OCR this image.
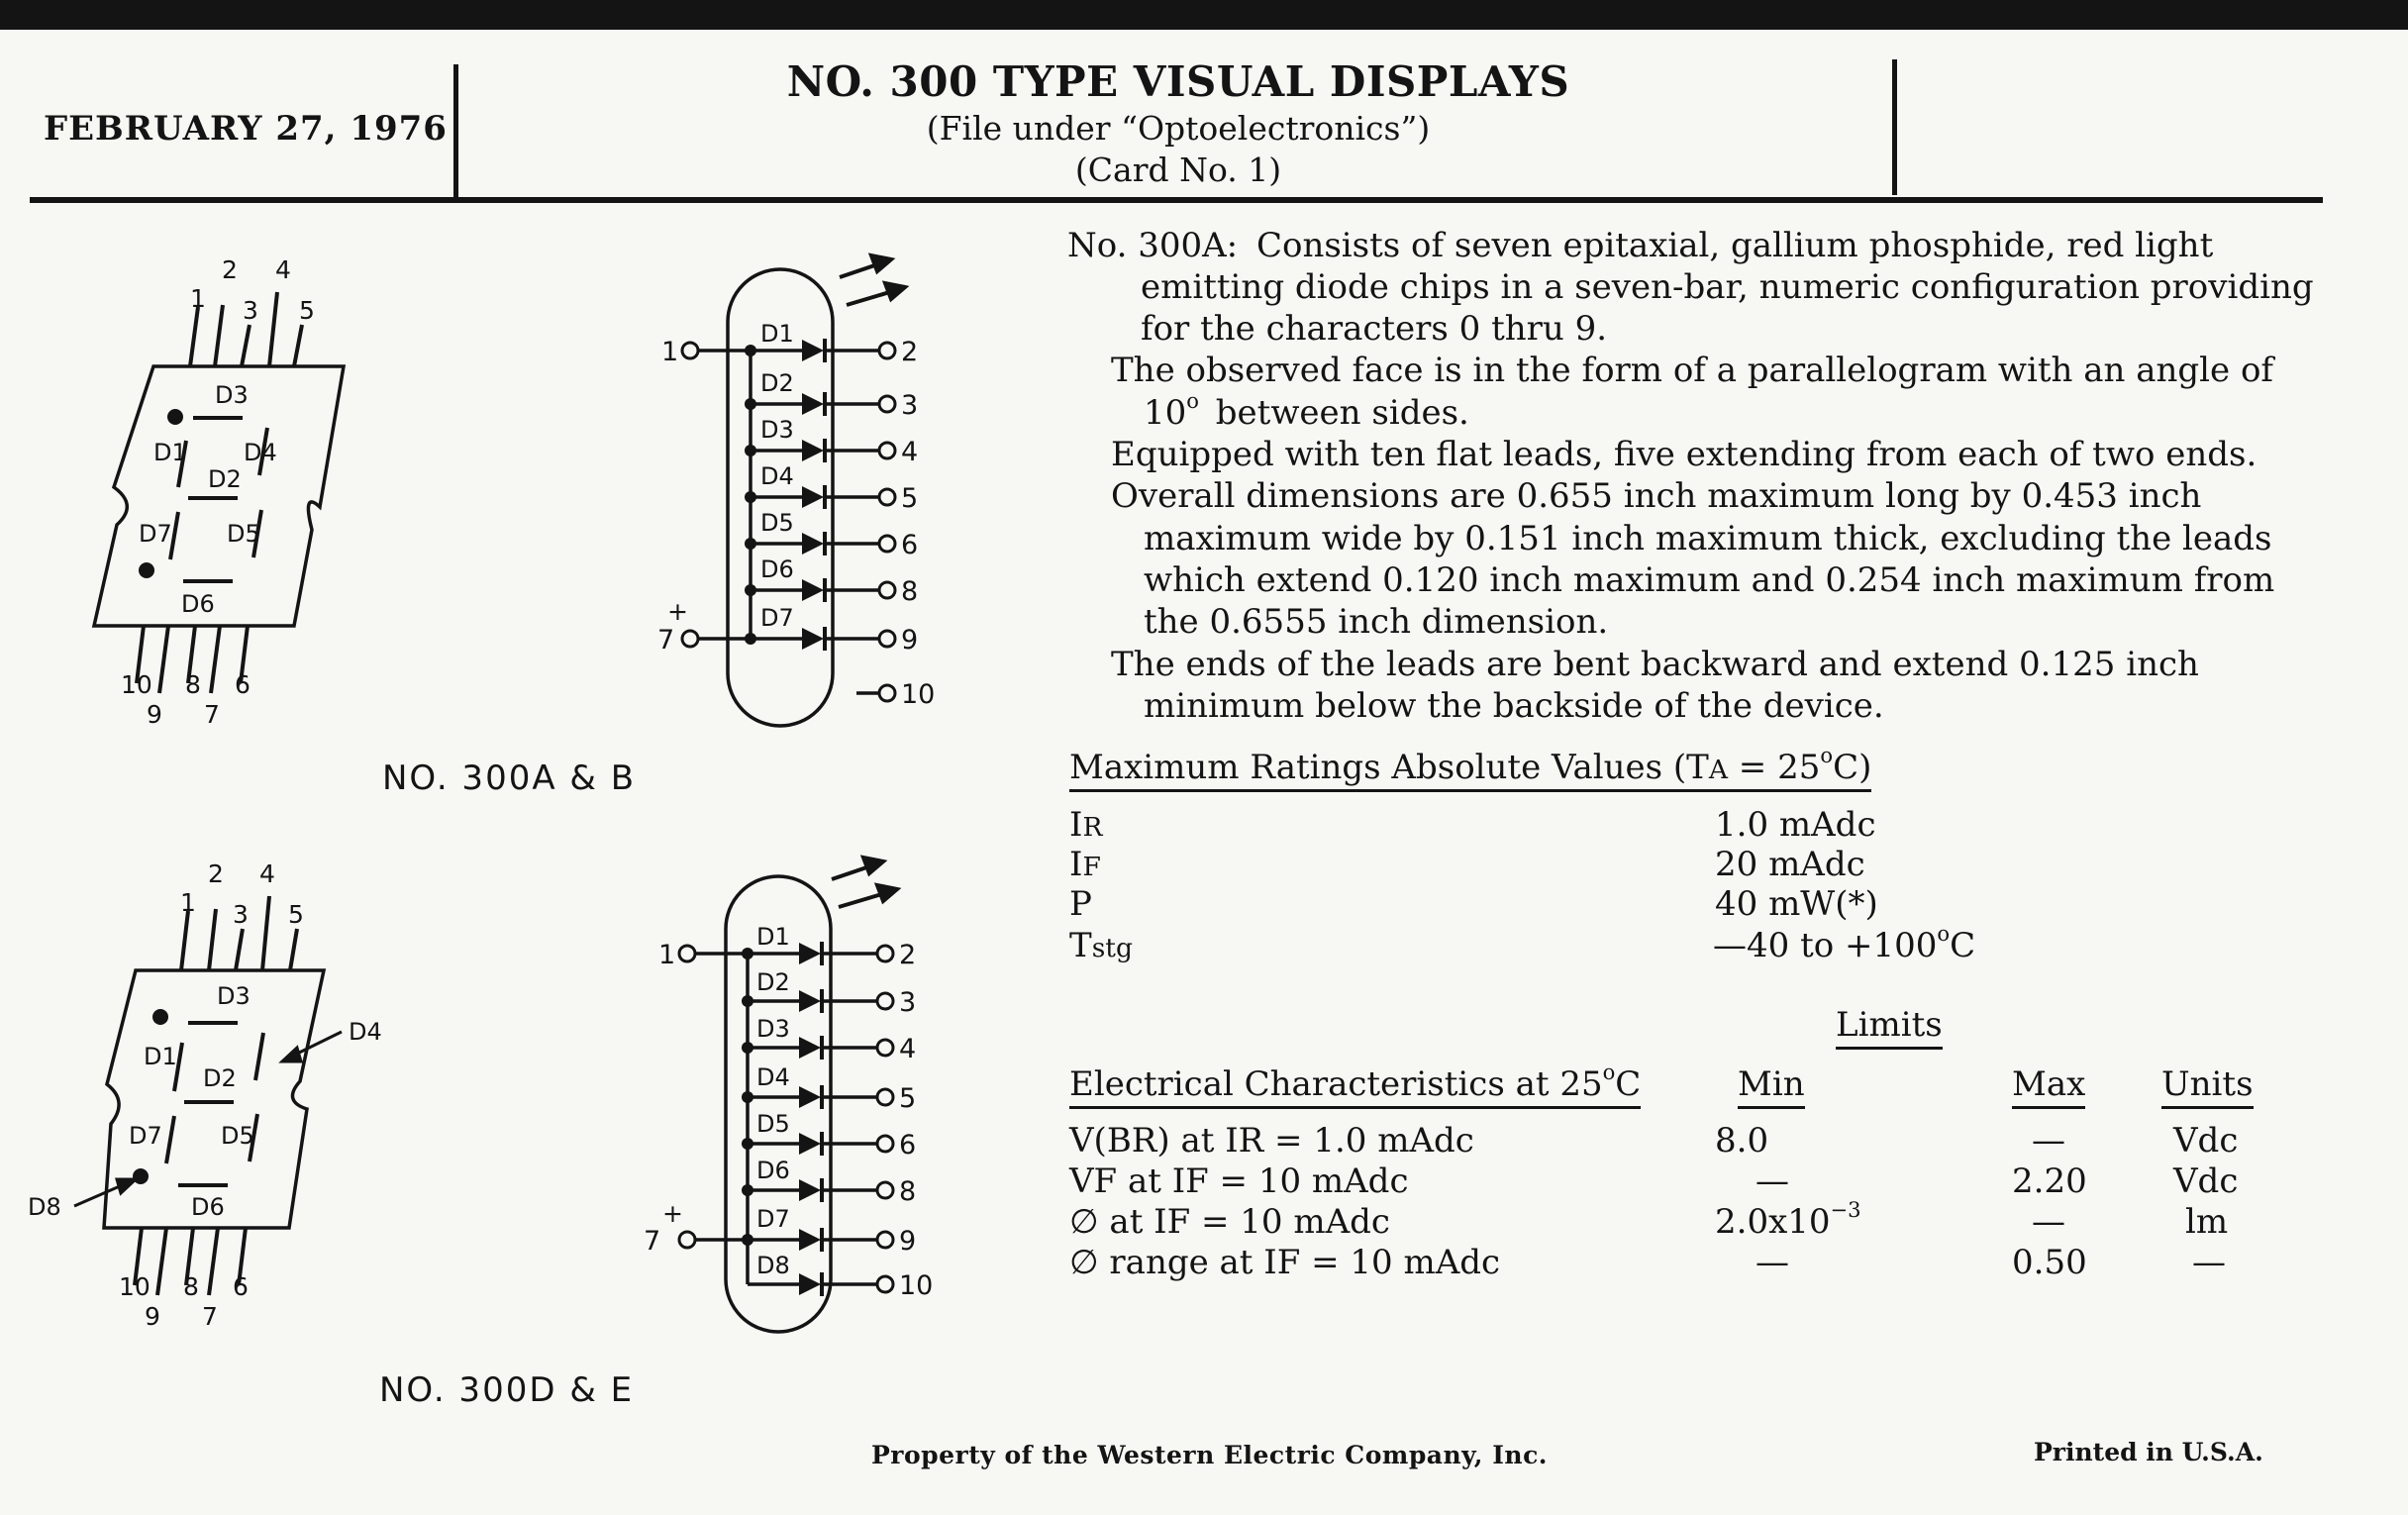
FEBRUARY 27, 1976
NO. 300 TYPE VISUAL DISPLAYS
(File under “Optoelectronics”)
(Card No. 1)
1
2
3
4
5
10
9
8
7
6
D3
D1 D4
D2
D7 D5
D6
D1
D2
D3
D4
D5
D6
D7
1
+
7
2
3
4
5
6
8
9
10
NO. 300A & B
1
2
3
4
5
10
9
8
7
6
D3
D1
D4
D2
D7 D5
D6
D8
D1
D2
D3
D4
D5
D6
D7
D8
1
+
7
2
3
4
5
6
8
9
10
NO. 300D & E
No. 300A: Consists of seven epitaxial, gallium phosphide, red light
emitting diode chips in a seven-bar, numeric configuration providing
for the characters 0 thru 9.
The observed face is in the form of a parallelogram with an angle of
10$^o$ between sides.
Equipped with ten flat leads, five extending from each of two ends.
Overall dimensions are 0.655 inch maximum long by 0.453 inch
maximum wide by 0.151 inch maximum thick, excluding the leads
which extend 0.120 inch maximum and 0.254 inch maximum from
the 0.6555 inch dimension.
The ends of the leads are bent backward and extend 0.125 inch
minimum below the backside of the device.
Maximum Ratings Absolute Values $(TA = 25^oC)$
IR	1.0 mAdc
IF	20 mAdc
P	40 mW(*)
Tstg	—40 to $+100^oC$
Limits
Electrical Characteristics at 25$^o$C	Min	Max Units
V(BR) at IR = 1.0 mAdc	8.0	—	Vdc
VF at IF = 10 mAdc	—	2.20	Vdc
∅ at IF = 10 mAdc	$2.0x10^{-3}$	—	lm
∅ range at IF = 10 mAdc	—	0.50	—
Property of the Western Electric Company, Inc.	Printed in U.S.A.
